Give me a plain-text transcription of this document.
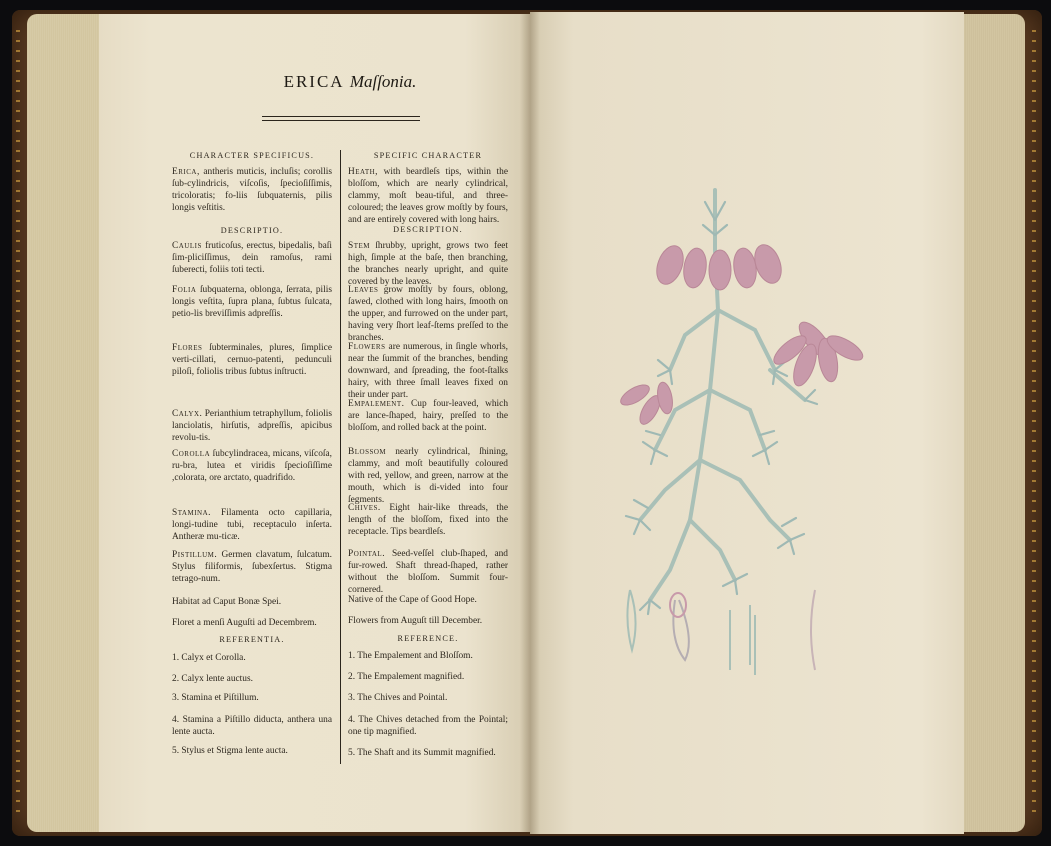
ERICA Maſſonia.
CHARACTER SPECIFICUS.
Erica, antheris muticis, incluſis; corollis ſub-cylindricis, viſcoſis, ſpecioſiſſimis, tricoloratis; fo-liis ſubquaternis, pilis longis veſtitis.
DESCRIPTIO.
Caulis fruticoſus, erectus, bipedalis, baſi ſim-pliciſſimus, dein ramoſus, rami ſuberecti, foliis toti tecti.
Folia ſubquaterna, oblonga, ſerrata, pilis longis veſtita, ſupra plana, ſubtus ſulcata, petio-lis breviſſimis adpreſſis.
Flores ſubterminales, plures, ſimplice verti-cillati, cernuo-patenti, pedunculi piloſi, foliolis tribus ſubtus inſtructi.
Calyx. Perianthium tetraphyllum, foliolis lanciolatis, hirſutis, adpreſſis, apicibus revolu-tis.
Corolla ſubcylindracea, micans, viſcoſa, ru-bra, lutea et viridis ſpecioſiſſime ,colorata, ore arctato, quadrifido.
Stamina. Filamenta octo capillaria, longi-tudine tubi, receptaculo inſerta. Antheræ mu-ticæ.
Pistillum. Germen clavatum, ſulcatum. Stylus filiformis, ſubexſertus. Stigma tetrago-num.
Habitat ad Caput Bonæ Spei.
Floret a menſi Auguſti ad Decembrem.
REFERENTIA.
1. Calyx et Corolla.
2. Calyx lente auctus.
3. Stamina et Piſtillum.
4. Stamina a Piſtillo diducta, anthera una lente aucta.
5. Stylus et Stigma lente aucta.
SPECIFIC CHARACTER
Heath, with beardleſs tips, within the bloſſom, which are nearly cylindrical, clammy, moſt beau-tiful, and three-coloured; the leaves grow moſtly by fours, and are entirely covered with long hairs.
DESCRIPTION.
Stem ſhrubby, upright, grows two feet high, ſimple at the baſe, then branching, the branches nearly upright, and quite covered by the leaves.
Leaves grow moſtly by fours, oblong, ſawed, clothed with long hairs, ſmooth on the upper, and furrowed on the under part, having very ſhort leaf-ſtems preſſed to the branches.
Flowers are numerous, in ſingle whorls, near the ſummit of the branches, bending downward, and ſpreading, the foot-ſtalks hairy, with three ſmall leaves fixed on their under part.
Empalement. Cup four-leaved, which are lance-ſhaped, hairy, preſſed to the bloſſom, and rolled back at the point.
Blossom nearly cylindrical, ſhining, clammy, and moſt beautifully coloured with red, yellow, and green, narrow at the mouth, which is di-vided into four ſegments.
Chives. Eight hair-like threads, the length of the bloſſom, fixed into the receptacle. Tips beardleſs.
Pointal. Seed-veſſel club-ſhaped, and fur-rowed. Shaft thread-ſhaped, rather without the bloſſom. Summit four-cornered.
Native of the Cape of Good Hope.
Flowers from Auguſt till December.
REFERENCE.
1. The Empalement and Bloſſom.
2. The Empalement magnified.
3. The Chives and Pointal.
4. The Chives detached from the Pointal; one tip magnified.
5. The Shaft and its Summit magnified.
